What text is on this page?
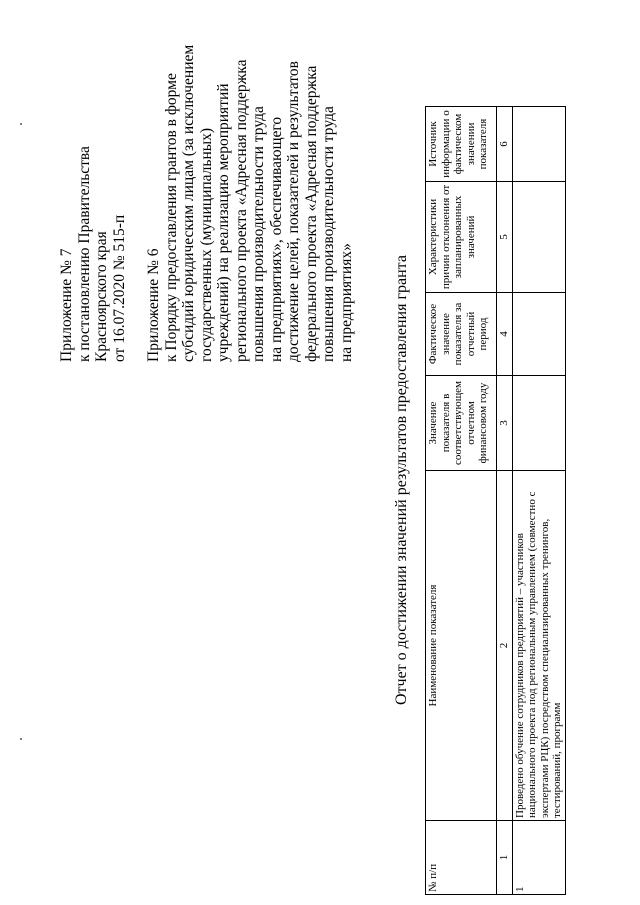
Приложение № 7 к постановлению Правительства Красноярского края от 16.07.2020 № 515-п Приложение № 6 к Порядку предоставления грантов в форме субсидий юридическим лицам (за исключением государственных (муниципальных) учреждений) на реализацию мероприятий регионального проекта «Адресная поддержка повышения производительности труда на предприятиях», обеспечивающего достижение целей, показателей и результатов федерального проекта «Адресная поддержка повышения производительности труда на предприятиях» Отчет о достижении значений результатов предоставления гранта
№ п/п	Наименование показателя	Значение показателя в соответствующем отчетном финансовом году	Фактическое значение показателя за отчетный период	Характеристики причин отклонения от запланированных значений	Источник информации о фактическом значении показателя
1	2	3	4	5	6
1	Проведено обучение сотрудников предприятий – участников национального проекта под региональным управлением (совместно с экспертами РЦК) посредством специализированных тренингов, тестирований, программ				
